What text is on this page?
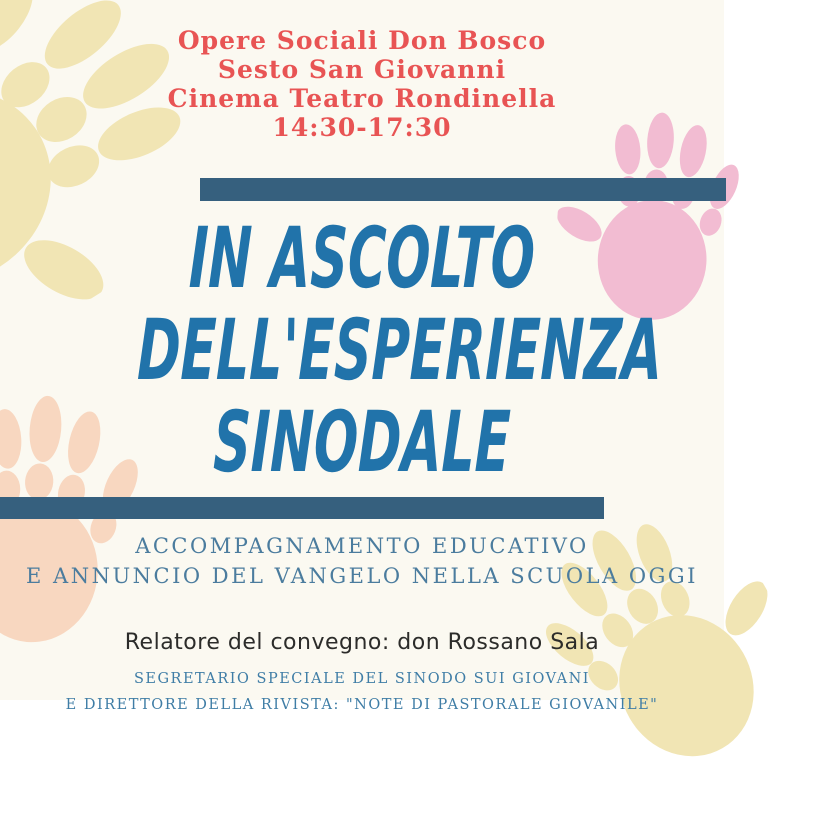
Opere Sociali Don Bosco
Sesto San Giovanni
Cinema Teatro Rondinella
14:30-17:30
IN ASCOLTO
DELL'ESPERIENZA
SINODALE
ACCOMPAGNAMENTO EDUCATIVO
E ANNUNCIO DEL VANGELO NELLA SCUOLA OGGI
Relatore del convegno: don Rossano Sala
SEGRETARIO SPECIALE DEL SINODO SUI GIOVANI
E DIRETTORE DELLA RIVISTA: "NOTE DI PASTORALE GIOVANILE"
